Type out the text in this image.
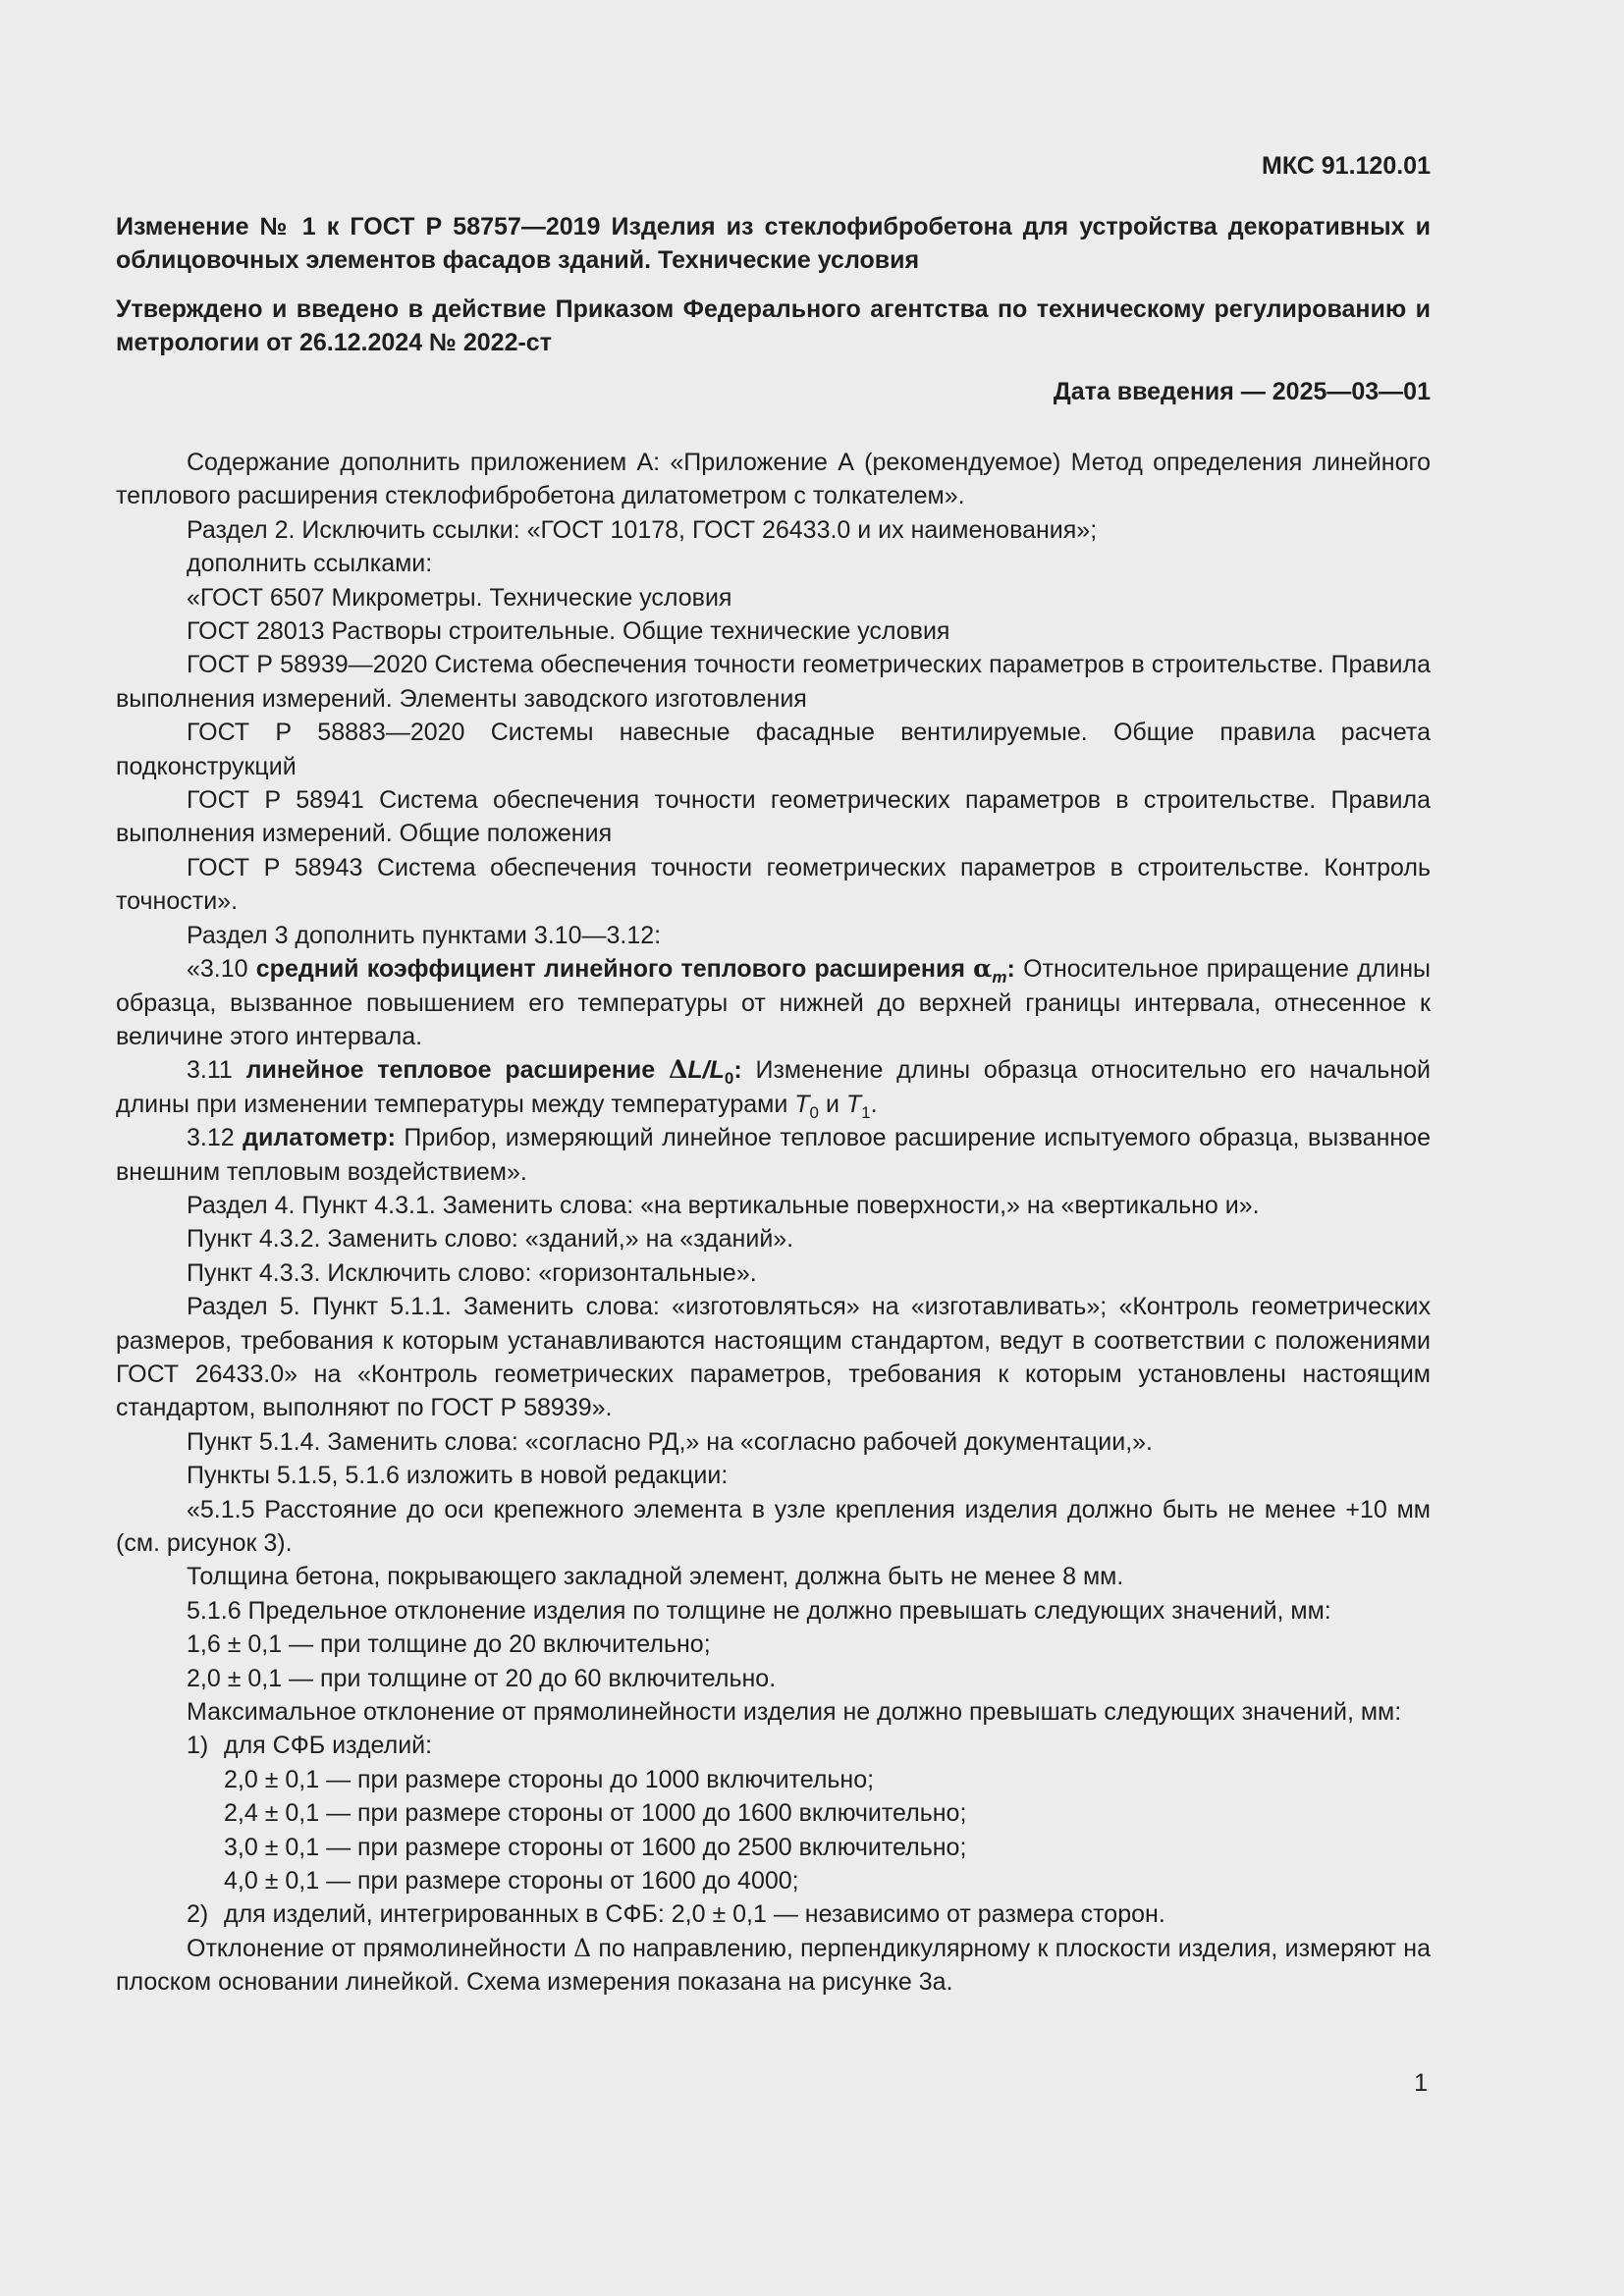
МКС 91.120.01
Изменение № 1 к ГОСТ Р 58757—2019 Изделия из стеклофибробетона для устройства декоративных и облицовочных элементов фасадов зданий. Технические условия
Утверждено и введено в действие Приказом Федерального агентства по техническому регулированию и метрологии от 26.12.2024 № 2022-ст
Дата введения — 2025—03—01

Содержание дополнить приложением А: «Приложение А (рекомендуемое) Метод определения линейного теплового расширения стеклофибробетона дилатометром с толкателем».

Раздел 2. Исключить ссылки: «ГОСТ 10178, ГОСТ 26433.0 и их наименования»;

дополнить ссылками:

«ГОСТ 6507 Микрометры. Технические условия

ГОСТ 28013 Растворы строительные. Общие технические условия

ГОСТ Р 58939—2020 Система обеспечения точности геометрических параметров в строительстве. Правила выполнения измерений. Элементы заводского изготовления

ГОСТ Р 58883—2020 Системы навесные фасадные вентилируемые. Общие правила расчета подконструкций

ГОСТ Р 58941 Система обеспечения точности геометрических параметров в строительстве. Правила выполнения измерений. Общие положения

ГОСТ Р 58943 Система обеспечения точности геометрических параметров в строительстве. Контроль точности».

Раздел 3 дополнить пунктами 3.10—3.12:

«3.10 средний коэффициент линейного теплового расширения $\alpha_m$: Относительное приращение длины образца, вызванное повышением его температуры от нижней до верхней границы интервала, отнесенное к величине этого интервала.

3.11 линейное тепловое расширение $\Delta L/L_0$: Изменение длины образца относительно его начальной длины при изменении температуры между температурами $T_0$ и $T_1$.

3.12 дилатометр: Прибор, измеряющий линейное тепловое расширение испытуемого образца, вызванное внешним тепловым воздействием».

Раздел 4. Пункт 4.3.1. Заменить слова: «на вертикальные поверхности,» на «вертикально и».

Пункт 4.3.2. Заменить слово: «зданий,» на «зданий».

Пункт 4.3.3. Исключить слово: «горизонтальные».

Раздел 5. Пункт 5.1.1. Заменить слова: «изготовляться» на «изготавливать»; «Контроль геометрических размеров, требования к которым устанавливаются настоящим стандартом, ведут в соответствии с положениями ГОСТ 26433.0» на «Контроль геометрических параметров, требования к которым установлены настоящим стандартом, выполняют по ГОСТ Р 58939».

Пункт 5.1.4. Заменить слова: «согласно РД,» на «согласно рабочей документации,».

Пункты 5.1.5, 5.1.6 изложить в новой редакции:

«5.1.5 Расстояние до оси крепежного элемента в узле крепления изделия должно быть не менее +10 мм (см. рисунок 3).

Толщина бетона, покрывающего закладной элемент, должна быть не менее 8 мм.

5.1.6 Предельное отклонение изделия по толщине не должно превышать следующих значений, мм:

1,6 ± 0,1 — при толщине до 20 включительно;

2,0 ± 0,1 — при толщине от 20 до 60 включительно.

Максимальное отклонение от прямолинейности изделия не должно превышать следующих значений, мм:

1) для СФБ изделий:

2,0 ± 0,1 — при размере стороны до 1000 включительно;

2,4 ± 0,1 — при размере стороны от 1000 до 1600 включительно;

3,0 ± 0,1 — при размере стороны от 1600 до 2500 включительно;

4,0 ± 0,1 — при размере стороны от 1600 до 4000;

2) для изделий, интегрированных в СФБ: 2,0 ± 0,1 — независимо от размера сторон.

Отклонение от прямолинейности Δ по направлению, перпендикулярному к плоскости изделия, измеряют на плоском основании линейкой. Схема измерения показана на рисунке 3а.

1
